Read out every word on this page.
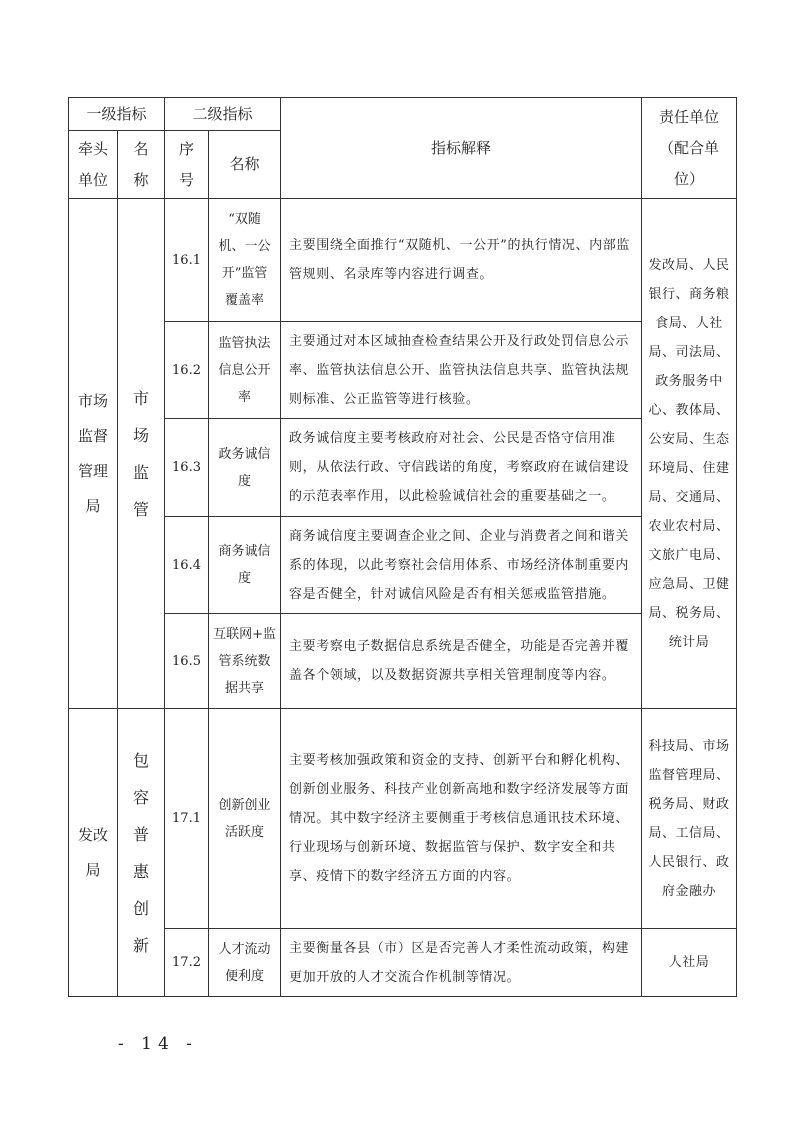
一级指标		二级指标		指标解释	责任单位（配合单位）
牵头单位	名称	序号	名称		
市场监督管理局	市场监管	16.1	“双随机、一公开”监管覆盖率	主要围绕全面推行“双随机、一公开”的执行情况、内部监管规则、名录库等内容进行调查。	发改局、人民银行、商务粮食局、人社局、司法局、政务服务中心、教体局、公安局、生态环境局、住建局、交通局、农业农村局、文旅广电局、应急局、卫健局、税务局、统计局
		16.2	监管执法信息公开率	主要通过对本区域抽查检查结果公开及行政处罚信息公示率、监管执法信息公开、监管执法信息共享、监管执法规则标准、公正监管等进行核验。	
		16.3	政务诚信度	政务诚信度主要考核政府对社会、公民是否恪守信用准则，从依法行政、守信践诺的角度，考察政府在诚信建设的示范表率作用，以此检验诚信社会的重要基础之一。	
		16.4	商务诚信度	商务诚信度主要调查企业之间、企业与消费者之间和谐关系的体现，以此考察社会信用体系、市场经济体制重要内容是否健全，针对诚信风险是否有相关惩戒监管措施。	
		16.5	互联网+监管系统数据共享	主要考察电子数据信息系统是否健全，功能是否完善并覆盖各个领域，以及数据资源共享相关管理制度等内容。	
发改局	包容普惠创新	17.1	创新创业活跃度	主要考核加强政策和资金的支持、创新平台和孵化机构、创新创业服务、科技产业创新高地和数字经济发展等方面情况。其中数字经济主要侧重于考核信息通讯技术环境、行业现场与创新环境、数据监管与保护、数字安全和共享、疫情下的数字经济五方面的内容。	科技局、市场监督管理局、税务局、财政局、工信局、人民银行、政府金融办
		17.2	人才流动便利度	主要衡量各县（市）区是否完善人才柔性流动政策，构建更加开放的人才交流合作机制等情况。	人社局
- 14 -
